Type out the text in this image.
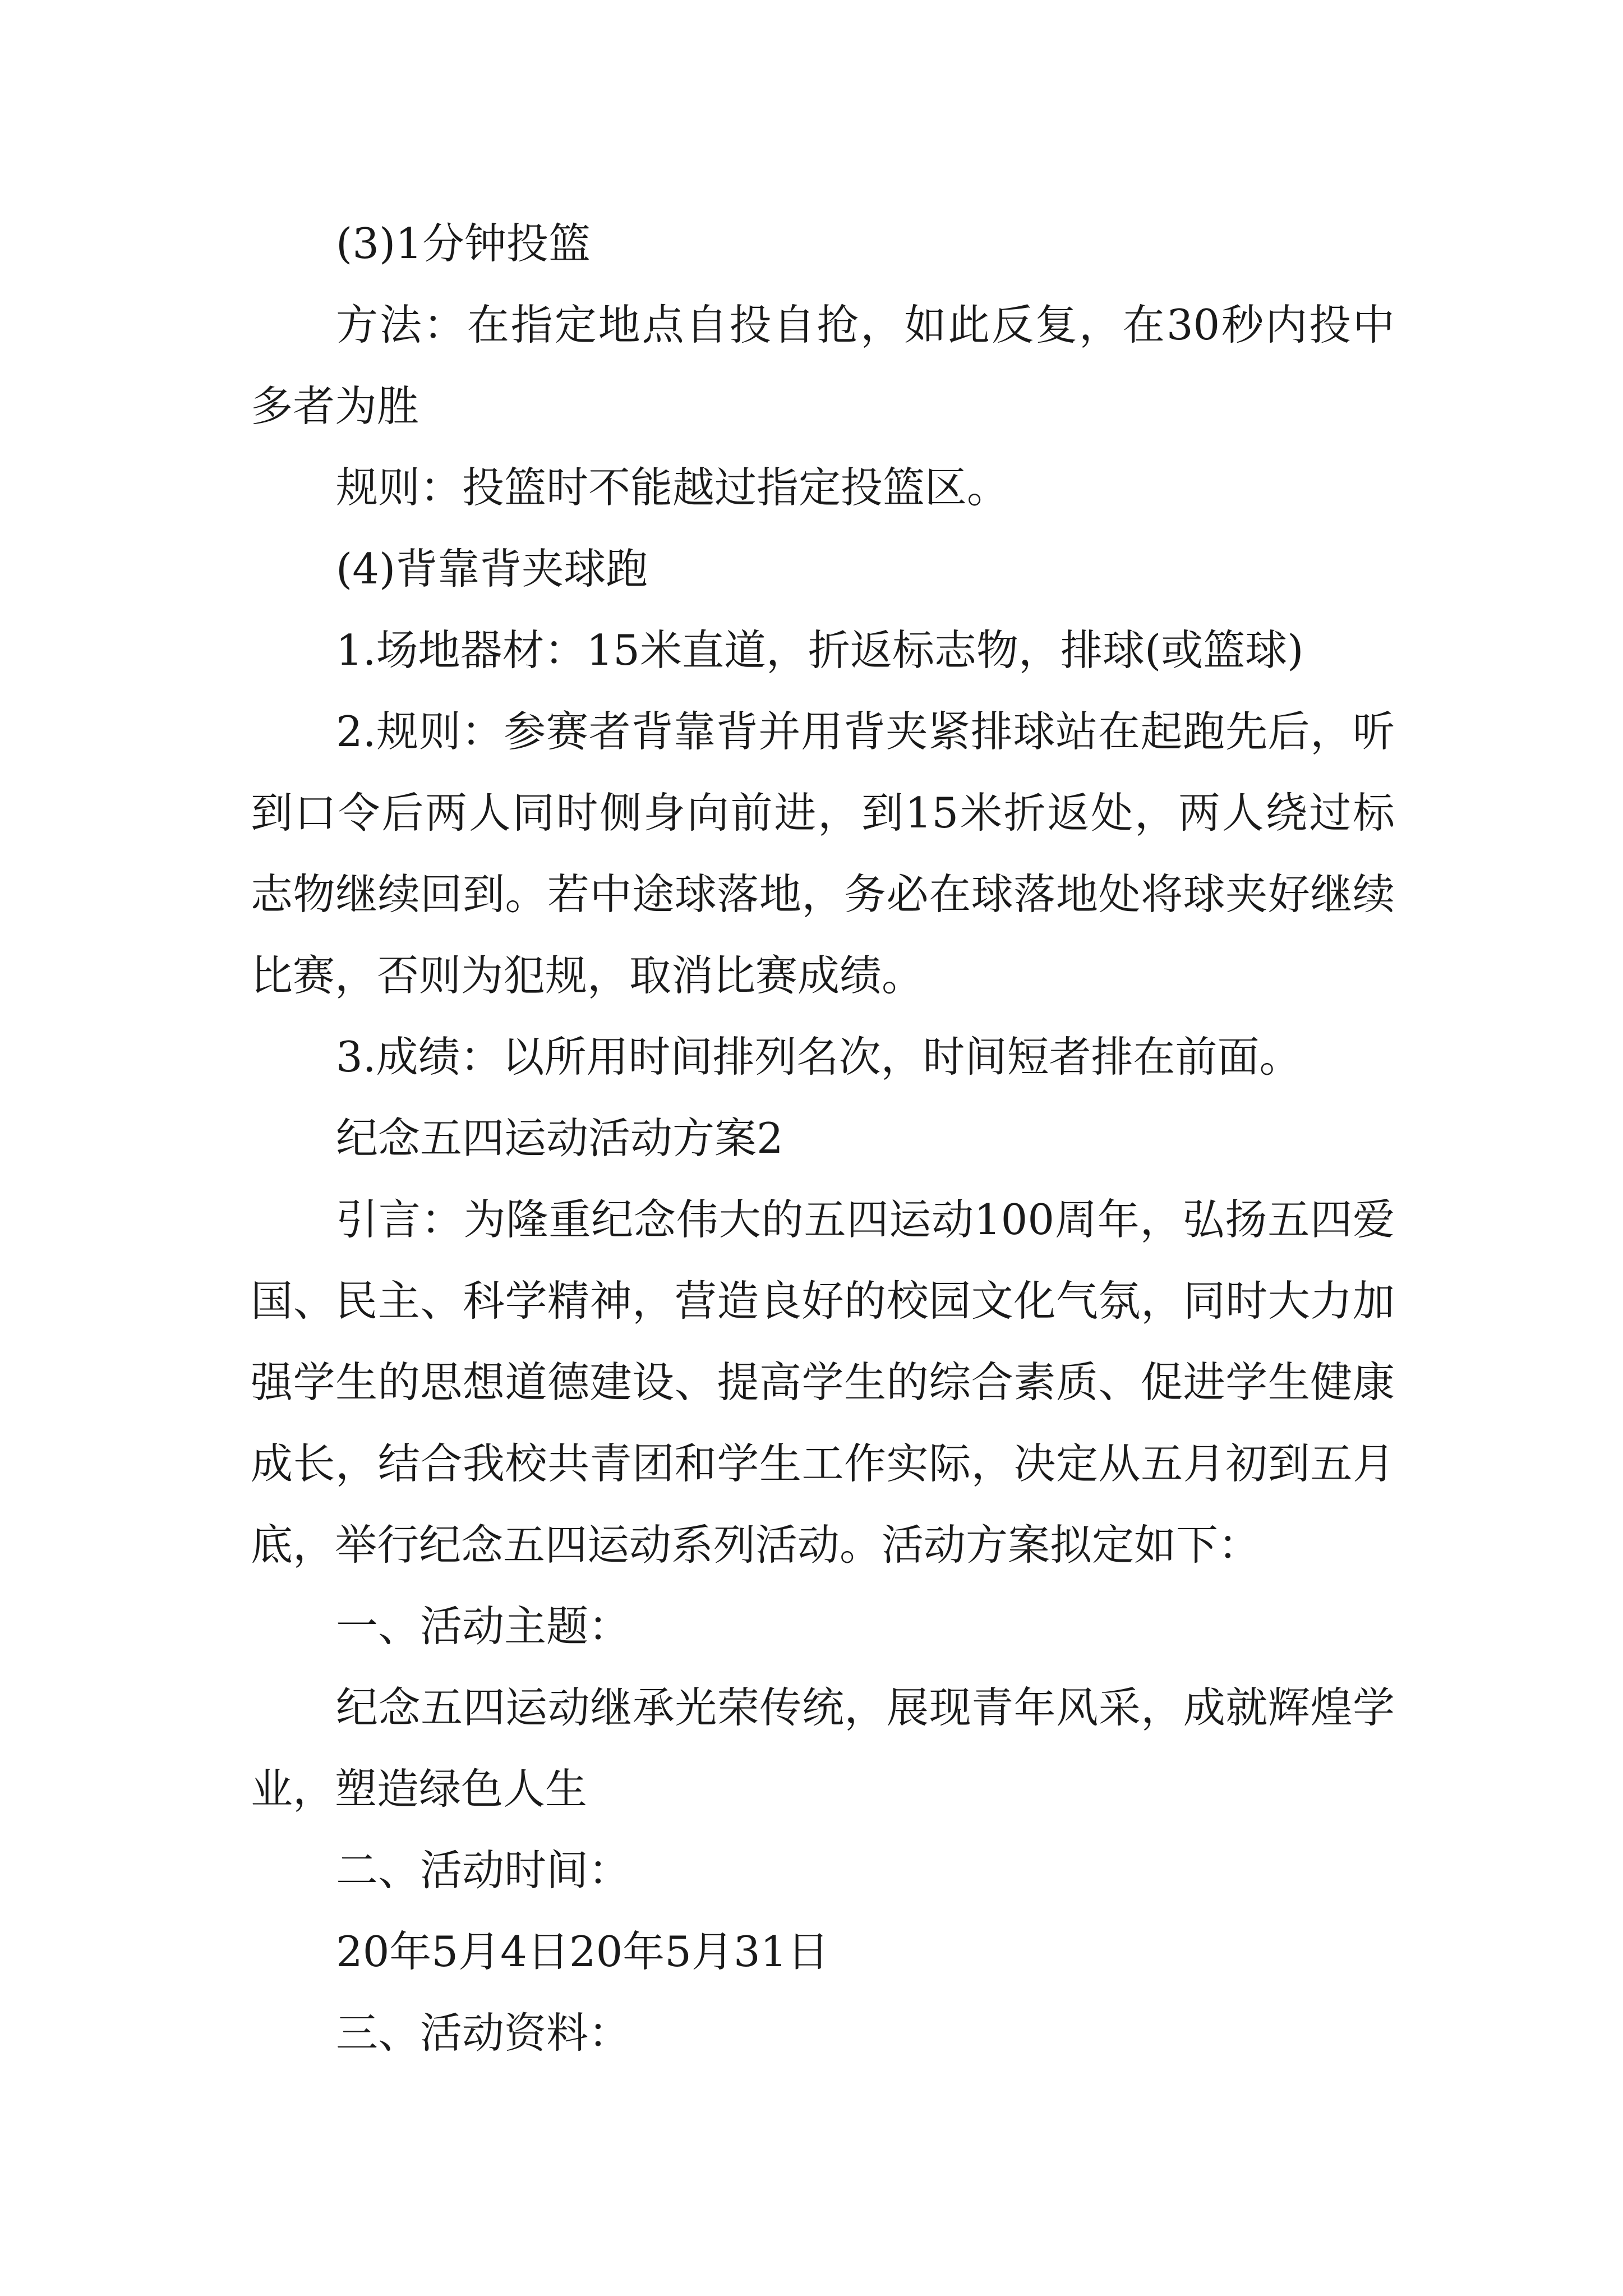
(3)1分钟投篮

方法：在指定地点自投自抢，如此反复，在30秒内投中多者为胜

规则：投篮时不能越过指定投篮区。

(4)背靠背夹球跑

1.场地器材：15米直道，折返标志物，排球(或篮球)

2.规则：参赛者背靠背并用背夹紧排球站在起跑先后，听到口令后两人同时侧身向前进，到15米折返处，两人绕过标志物继续回到。若中途球落地，务必在球落地处将球夹好继续比赛，否则为犯规，取消比赛成绩。

3.成绩：以所用时间排列名次，时间短者排在前面。

纪念五四运动活动方案2

引言：为隆重纪念伟大的五四运动100周年，弘扬五四爱国、民主、科学精神，营造良好的校园文化气氛，同时大力加强学生的思想道德建设、提高学生的综合素质、促进学生健康成长，结合我校共青团和学生工作实际，决定从五月初到五月底，举行纪念五四运动系列活动。活动方案拟定如下：

一、活动主题：

纪念五四运动继承光荣传统，展现青年风采，成就辉煌学业，塑造绿色人生

二、活动时间：

20年5月4日20年5月31日

三、活动资料：
